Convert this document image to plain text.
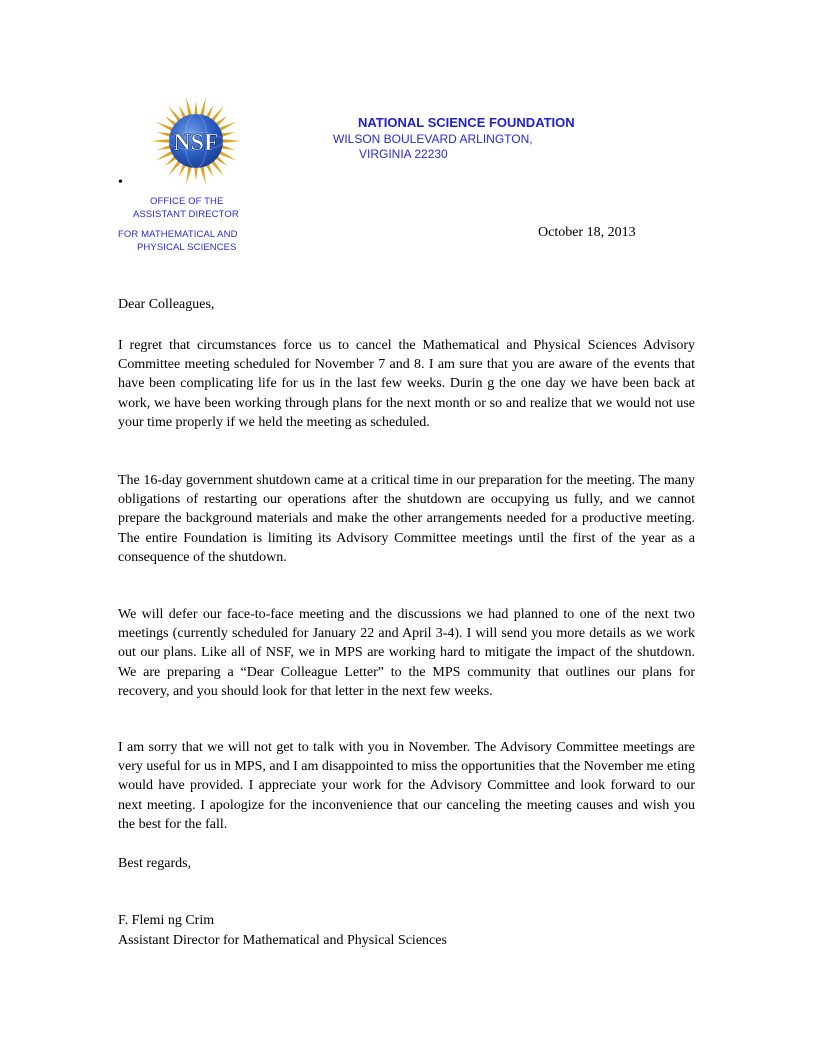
NSF
NATIONAL SCIENCE FOUNDATION
WILSON BOULEVARD ARLINGTON,
VIRGINIA 22230
•
OFFICE OF THE
ASSISTANT DIRECTOR
FOR MATHEMATICAL AND
PHYSICAL SCIENCES
October 18, 2013
Dear Colleagues,

I regret that circumstances force us to cancel the Mathematical and Physical Sciences Advisory Committee meeting scheduled for November 7 and 8. I am sure that you are aware of the events that have been complicating life for us in the last few weeks. Durin g the one day we have been back at work, we have been working through plans for the next month or so and realize that we would not use your time properly if we held the meeting as scheduled.

The 16-day government shutdown came at a critical time in our preparation for the meeting. The many obligations of restarting our operations after the shutdown are occupying us fully, and we cannot prepare the background materials and make the other arrangements needed for a productive meeting. The entire Foundation is limiting its Advisory Committee meetings until the first of the year as a consequence of the shutdown.

We will defer our face-to-face meeting and the discussions we had planned to one of the next two meetings (currently scheduled for January 22 and April 3-4). I will send you more details as we work out our plans. Like all of NSF, we in MPS are working hard to mitigate the impact of the shutdown. We are preparing a “Dear Colleague Letter” to the MPS community that outlines our plans for recovery, and you should look for that letter in the next few weeks.

I am sorry that we will not get to talk with you in November. The Advisory Committee meetings are very useful for us in MPS, and I am disappointed to miss the opportunities that the November me eting would have provided. I appreciate your work for the Advisory Committee and look forward to our next meeting. I apologize for the inconvenience that our canceling the meeting causes and wish you the best for the fall.

Best regards,
F. Flemi ng Crim
Assistant Director for Mathematical and Physical Sciences
